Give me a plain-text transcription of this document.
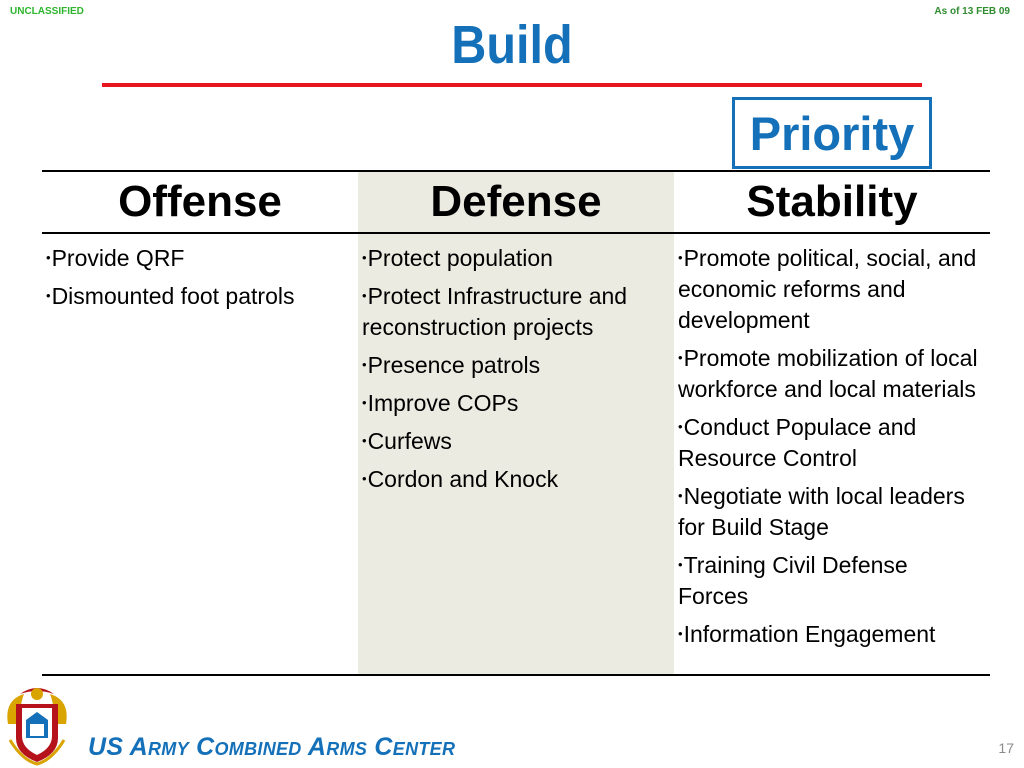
UNCLASSIFIED	As of 13 FEB 09
Build
Priority
Offense
•Provide QRF
•Dismounted foot patrols
Defense
•Protect population
•Protect Infrastructure and reconstruction projects
•Presence patrols
•Improve COPs
•Curfews
•Cordon and Knock
Stability
•Promote political, social, and economic reforms and development
•Promote mobilization of local workforce and local materials
•Conduct Populace and Resource Control
•Negotiate with local leaders for Build Stage
•Training Civil Defense Forces
•Information Engagement
US Army Combined Arms Center	17
